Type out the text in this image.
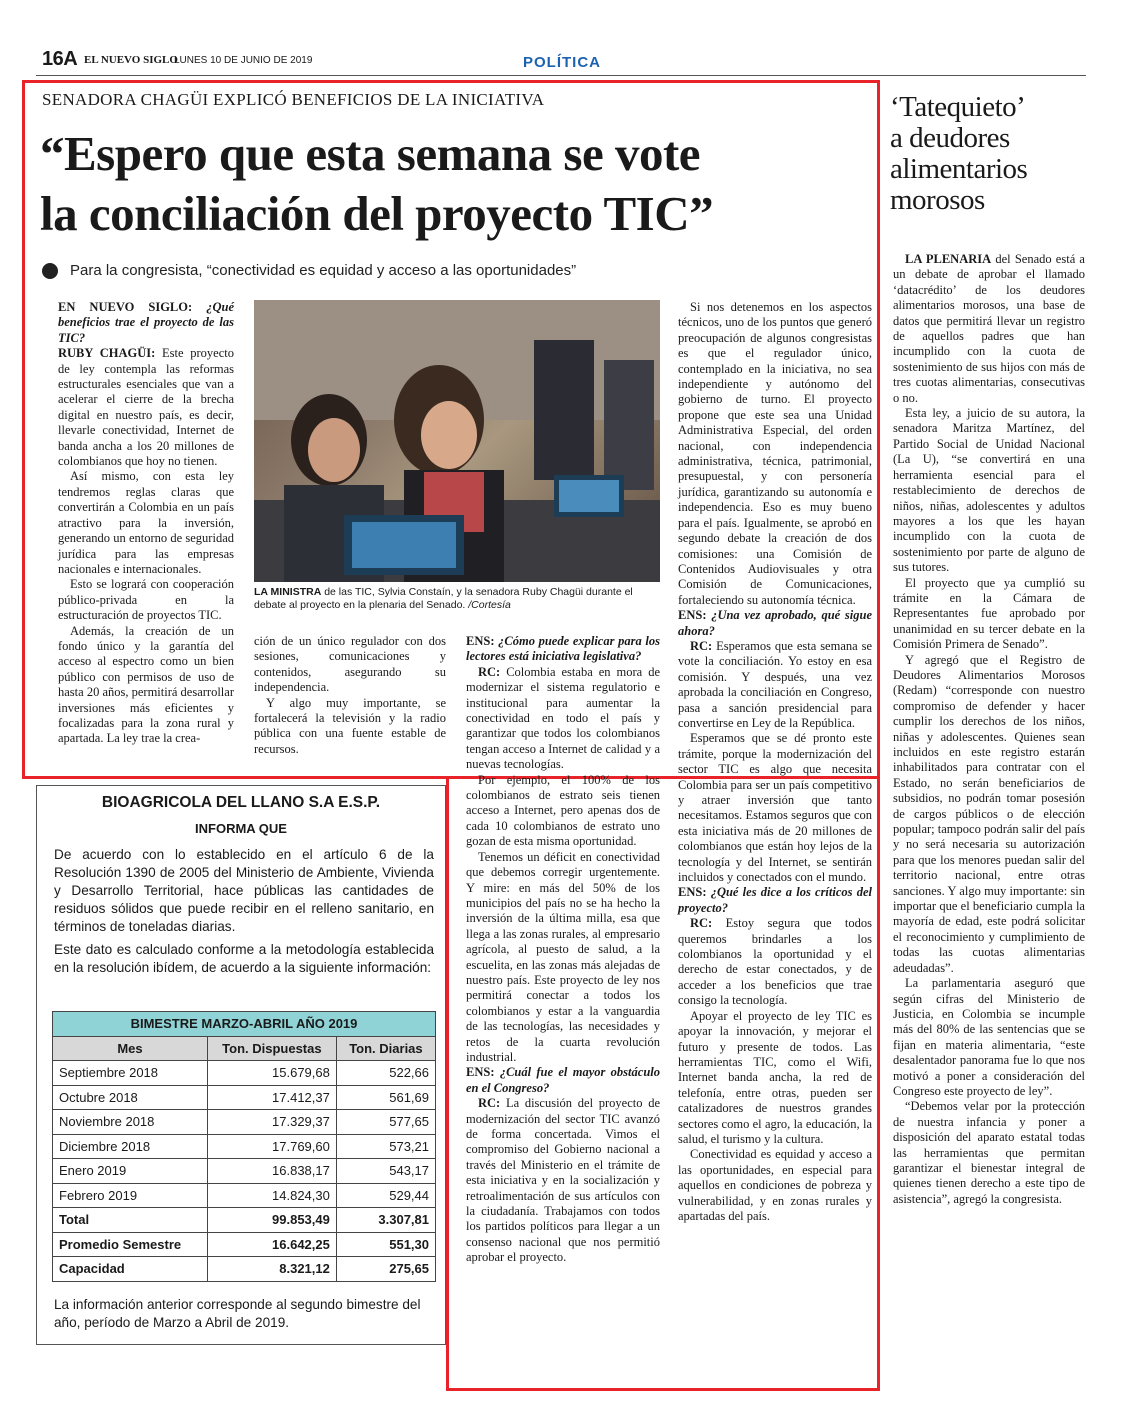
16A EL NUEVO SIGLO
LUNES 10 DE JUNIO DE 2019	POLÍTICA
SENADORA CHAGÜI EXPLICÓ BENEFICIOS DE LA INICIATIVA
“Espero que esta semana se vote
la conciliación del proyecto TIC”
Para la congresista, “conectividad es equidad y acceso a las oportunidades”

EN NUEVO SIGLO: ¿Qué beneficios trae el proyecto de las TIC?

RUBY CHAGÜI: Este proyecto de ley contempla las reformas estructurales esenciales que van a acelerar el cierre de la brecha digital en nuestro país, es decir, llevarle conectividad, Internet de banda ancha a los 20 millones de colombianos que hoy no tienen.

Así mismo, con esta ley tendremos reglas claras que convertirán a Colombia en un país atractivo para la inversión, generando un entorno de seguridad jurídica para las empresas nacionales e internacionales.

Esto se logrará con cooperación público-privada en la estructuración de proyectos TIC.

Además, la creación de un fondo único y la garantía del acceso al espectro como un bien público con permisos de uso de hasta 20 años, permitirá desarrollar inversiones más eficientes y focalizadas para la zona rural y apartada. La ley trae la crea-

LA MINISTRA de las TIC, Sylvia Constaín, y la senadora Ruby Chagüi durante el debate al proyecto en la plenaria del Senado. /Cortesía

ción de un único regulador con dos sesiones, comunicaciones y contenidos, asegurando su independencia.

Y algo muy importante, se fortalecerá la televisión y la radio pública con una fuente estable de recursos.

ENS: ¿Cómo puede explicar para los lectores está iniciativa legislativa?

RC: Colombia estaba en mora de modernizar el sistema regulatorio e institucional para aumentar la conectividad en todo el país y garantizar que todos los colombianos tengan acceso a Internet de calidad y a nuevas tecnologías.

Por ejemplo, el 100% de los colombianos de estrato seis tienen acceso a Internet, pero apenas dos de cada 10 colombianos de estrato uno gozan de esta misma oportunidad.

Tenemos un déficit en conectividad que debemos corregir urgentemente. Y mire: en más del 50% de los municipios del país no se ha hecho la inversión de la última milla, esa que llega a las zonas rurales, al empresario agrícola, al puesto de salud, a la escuelita, en las zonas más alejadas de nuestro país. Este proyecto de ley nos permitirá conectar a todos los colombianos y estar a la vanguardia de las tecnologías, las necesidades y retos de la cuarta revolución industrial.

ENS: ¿Cuál fue el mayor obstáculo en el Congreso?

RC: La discusión del proyecto de modernización del sector TIC avanzó de forma concertada. Vimos el compromiso del Gobierno nacional a través del Ministerio en el trámite de esta iniciativa y en la socialización y retroalimentación de sus artículos con la ciudadanía. Trabajamos con todos los partidos políticos para llegar a un consenso nacional que nos permitió aprobar el proyecto.

Si nos detenemos en los aspectos técnicos, uno de los puntos que generó preocupación de algunos congresistas es que el regulador único, contemplado en la iniciativa, no sea independiente y autónomo del gobierno de turno. El proyecto propone que este sea una Unidad Administrativa Especial, del orden nacional, con independencia administrativa, técnica, patrimonial, presupuestal, y con personería jurídica, garantizando su autonomía e independencia. Eso es muy bueno para el país. Igualmente, se aprobó en segundo debate la creación de dos comisiones: una Comisión de Contenidos Audiovisuales y otra Comisión de Comunicaciones, fortaleciendo su autonomía técnica.

ENS: ¿Una vez aprobado, qué sigue ahora?

RC: Esperamos que esta semana se vote la conciliación. Yo estoy en esa comisión. Y después, una vez aprobada la conciliación en Congreso, pasa a sanción presidencial para convertirse en Ley de la República.

Esperamos que se dé pronto este trámite, porque la modernización del sector TIC es algo que necesita Colombia para ser un país competitivo y atraer inversión que tanto necesitamos. Estamos seguros que con esta iniciativa más de 20 millones de colombianos que están hoy lejos de la tecnología y del Internet, se sentirán incluidos y conectados con el mundo.

ENS: ¿Qué les dice a los críticos del proyecto?

RC: Estoy segura que todos queremos brindarles a los colombianos la oportunidad y el derecho de estar conectados, y de acceder a los beneficios que trae consigo la tecnología.

Apoyar el proyecto de ley TIC es apoyar la innovación, y mejorar el futuro y presente de todos. Las herramientas TIC, como el Wifi, Internet banda ancha, la red de telefonía, entre otras, pueden ser catalizadores de nuestros grandes sectores como el agro, la educación, la salud, el turismo y la cultura.

Conectividad es equidad y acceso a las oportunidades, en especial para aquellos en condiciones de pobreza y vulnerabilidad, y en zonas rurales y apartadas del país.

BIOAGRICOLA DEL LLANO S.A E.S.P.
INFORMA QUE
De acuerdo con lo establecido en el artículo 6 de la Resolución 1390 de 2005 del Ministerio de Ambiente, Vivienda y Desarrollo Territorial, hace públicas las cantidades de residuos sólidos que puede recibir en el relleno sanitario, en términos de toneladas diarias.
Este dato es calculado conforme a la metodología establecida en la resolución ibídem, de acuerdo a la siguiente información:
BIMESTRE MARZO-ABRIL AÑO 2019		
Mes	Ton. Dispuestas	Ton. Diarias
Septiembre 2018	15.679,68	522,66
Octubre 2018	17.412,37	561,69
Noviembre 2018	17.329,37	577,65
Diciembre 2018	17.769,60	573,21
Enero 2019	16.838,17	543,17
Febrero 2019	14.824,30	529,44
Total	99.853,49	3.307,81
Promedio Semestre	16.642,25	551,30
Capacidad	8.321,12	275,65
La información anterior corresponde al segundo bimestre del año, período de Marzo a Abril de 2019.
‘Tatequieto’
a deudores
alimentarios
morosos

LA PLENARIA del Senado está a un debate de aprobar el llamado ‘datacrédito’ de los deudores alimentarios morosos, una base de datos que permitirá llevar un registro de aquellos padres que han incumplido con la cuota de sostenimiento de sus hijos con más de tres cuotas alimentarias, consecutivas o no.

Esta ley, a juicio de su autora, la senadora Maritza Martínez, del Partido Social de Unidad Nacional (La U), “se convertirá en una herramienta esencial para el restablecimiento de derechos de niños, niñas, adolescentes y adultos mayores a los que les hayan incumplido con la cuota de sostenimiento por parte de alguno de sus tutores.

El proyecto que ya cumplió su trámite en la Cámara de Representantes fue aprobado por unanimidad en su tercer debate en la Comisión Primera de Senado”.

Y agregó que el Registro de Deudores Alimentarios Morosos (Redam) “corresponde con nuestro compromiso de defender y hacer cumplir los derechos de los niños, niñas y adolescentes. Quienes sean incluidos en este registro estarán inhabilitados para contratar con el Estado, no serán beneficiarios de subsidios, no podrán tomar posesión de cargos públicos o de elección popular; tampoco podrán salir del país y no será necesaria su autorización para que los menores puedan salir del territorio nacional, entre otras sanciones. Y algo muy importante: sin importar que el beneficiario cumpla la mayoría de edad, este podrá solicitar el reconocimiento y cumplimiento de todas las cuotas alimentarias adeudadas”.

La parlamentaria aseguró que según cifras del Ministerio de Justicia, en Colombia se incumple más del 80% de las sentencias que se fijan en materia alimentaria, “este desalentador panorama fue lo que nos motivó a poner a consideración del Congreso este proyecto de ley”.

“Debemos velar por la protección de nuestra infancia y poner a disposición del aparato estatal todas las herramientas que permitan garantizar el bienestar integral de quienes tienen derecho a este tipo de asistencia”, agregó la congresista.
